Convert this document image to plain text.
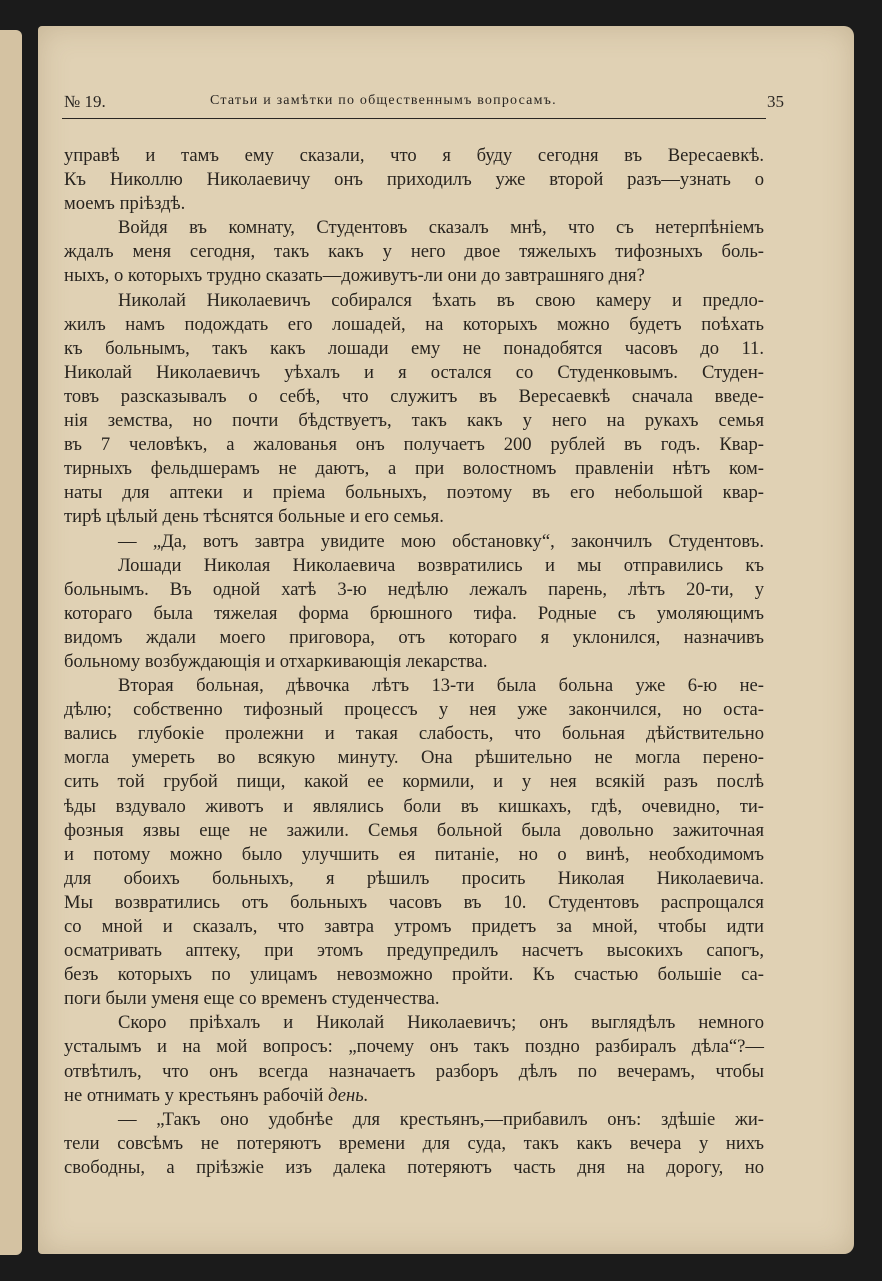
№ 19.	Статьи и замѣтки по общественнымъ вопросамъ.	35
управѣ и тамъ ему сказали, что я буду сегодня въ Вересаевкѣ.
Къ Николлю Николаевичу онъ приходилъ уже второй разъ—узнать о
моемъ пріѣздѣ.
Войдя въ комнату, Студентовъ сказалъ мнѣ, что съ нетерпѣніемъ
ждалъ меня сегодня, такъ какъ у него двое тяжелыхъ тифозныхъ боль-
ныхъ, о которыхъ трудно сказать—доживутъ-ли они до завтрашняго дня?
Николай Николаевичъ собирался ѣхать въ свою камеру и предло-
жилъ намъ подождать его лошадей, на которыхъ можно будетъ поѣхать
къ больнымъ, такъ какъ лошади ему не понадобятся часовъ до 11.
Николай Николаевичъ уѣхалъ и я остался со Студенковымъ. Студен-
товъ разсказывалъ о себѣ, что служитъ въ Вересаевкѣ сначала введе-
нія земства, но почти бѣдствуетъ, такъ какъ у него на рукахъ семья
въ 7 человѣкъ, а жалованья онъ получаетъ 200 рублей въ годъ. Квар-
тирныхъ фельдшерамъ не даютъ, а при волостномъ правленіи нѣтъ ком-
наты для аптеки и пріема больныхъ, поэтому въ его небольшой квар-
тирѣ цѣлый день тѣснятся больные и его семья.
— „Да, вотъ завтра увидите мою обстановку“, закончилъ Студентовъ.
Лошади Николая Николаевича возвратились и мы отправились къ
больнымъ. Въ одной хатѣ 3-ю недѣлю лежалъ парень, лѣтъ 20-ти, у
котораго была тяжелая форма брюшного тифа. Родные съ умоляющимъ
видомъ ждали моего приговора, отъ котораго я уклонился, назначивъ
больному возбуждающія и отхаркивающія лекарства.
Вторая больная, дѣвочка лѣтъ 13-ти была больна уже 6-ю не-
дѣлю; собственно тифозный процессъ у нея уже закончился, но оста-
вались глубокіе пролежни и такая слабость, что больная дѣйствительно
могла умереть во всякую минуту. Она рѣшительно не могла перено-
сить той грубой пищи, какой ее кормили, и у нея всякій разъ послѣ
ѣды вздувало животъ и являлись боли въ кишкахъ, гдѣ, очевидно, ти-
фозныя язвы еще не зажили. Семья больной была довольно зажиточная
и потому можно было улучшить ея питаніе, но о винѣ, необходимомъ
для обоихъ больныхъ, я рѣшилъ просить Николая Николаевича.
Мы возвратились отъ больныхъ часовъ въ 10. Студентовъ распрощался
со мной и сказалъ, что завтра утромъ придетъ за мной, чтобы идти
осматривать аптеку, при этомъ предупредилъ насчетъ высокихъ сапогъ,
безъ которыхъ по улицамъ невозможно пройти. Къ счастью большіе са-
поги были уменя еще со временъ студенчества.
Скоро пріѣхалъ и Николай Николаевичъ; онъ выглядѣлъ немного
усталымъ и на мой вопросъ: „почему онъ такъ поздно разбиралъ дѣла“?—
отвѣтилъ, что онъ всегда назначаетъ разборъ дѣлъ по вечерамъ, чтобы
не отнимать у крестьянъ рабочій день.
— „Такъ оно удобнѣе для крестьянъ,—прибавилъ онъ: здѣшіе жи-
тели совсѣмъ не потеряютъ времени для суда, такъ какъ вечера у нихъ
свободны, а пріѣзжіе изъ далека потеряютъ часть дня на дорогу, но
